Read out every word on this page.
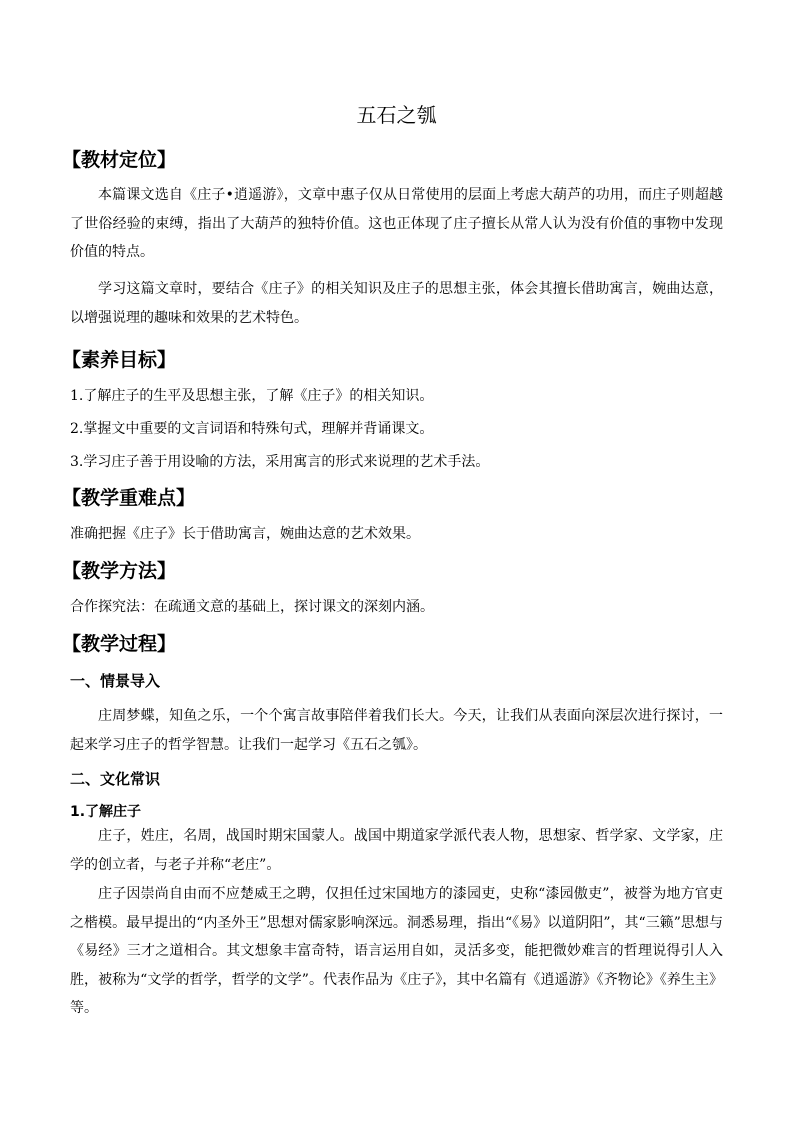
五石之瓠
【教材定位】

本篇课文选自《庄子•逍遥游》，文章中惠子仅从日常使用的层面上考虑大葫芦的功用，而庄子则超越了世俗经验的束缚，指出了大葫芦的独特价值。这也正体现了庄子擅长从常人认为没有价值的事物中发现价值的特点。

学习这篇文章时，要结合《庄子》的相关知识及庄子的思想主张，体会其擅长借助寓言，婉曲达意，以增强说理的趣味和效果的艺术特色。

【素养目标】

1.了解庄子的生平及思想主张，了解《庄子》的相关知识。

2.掌握文中重要的文言词语和特殊句式，理解并背诵课文。

3.学习庄子善于用设喻的方法，采用寓言的形式来说理的艺术手法。

【教学重难点】

准确把握《庄子》长于借助寓言，婉曲达意的艺术效果。

【教学方法】

合作探究法：在疏通文意的基础上，探讨课文的深刻内涵。

【教学过程】
一、情景导入

庄周梦蝶，知鱼之乐，一个个寓言故事陪伴着我们长大。今天，让我们从表面向深层次进行探讨，一起来学习庄子的哲学智慧。让我们一起学习《五石之瓠》。

二、文化常识
1.了解庄子

庄子，姓庄，名周，战国时期宋国蒙人。战国中期道家学派代表人物，思想家、哲学家、文学家，庄学的创立者，与老子并称“老庄”。

庄子因崇尚自由而不应楚威王之聘，仅担任过宋国地方的漆园吏，史称“漆园傲吏”，被誉为地方官吏之楷模。最早提出的“内圣外王”思想对儒家影响深远。洞悉易理，指出“《易》以道阴阳”，其“三籁”思想与《易经》三才之道相合。其文想象丰富奇特，语言运用自如，灵活多变，能把微妙难言的哲理说得引人入胜，被称为“文学的哲学，哲学的文学”。代表作品为《庄子》，其中名篇有《逍遥游》《齐物论》《养生主》等。
